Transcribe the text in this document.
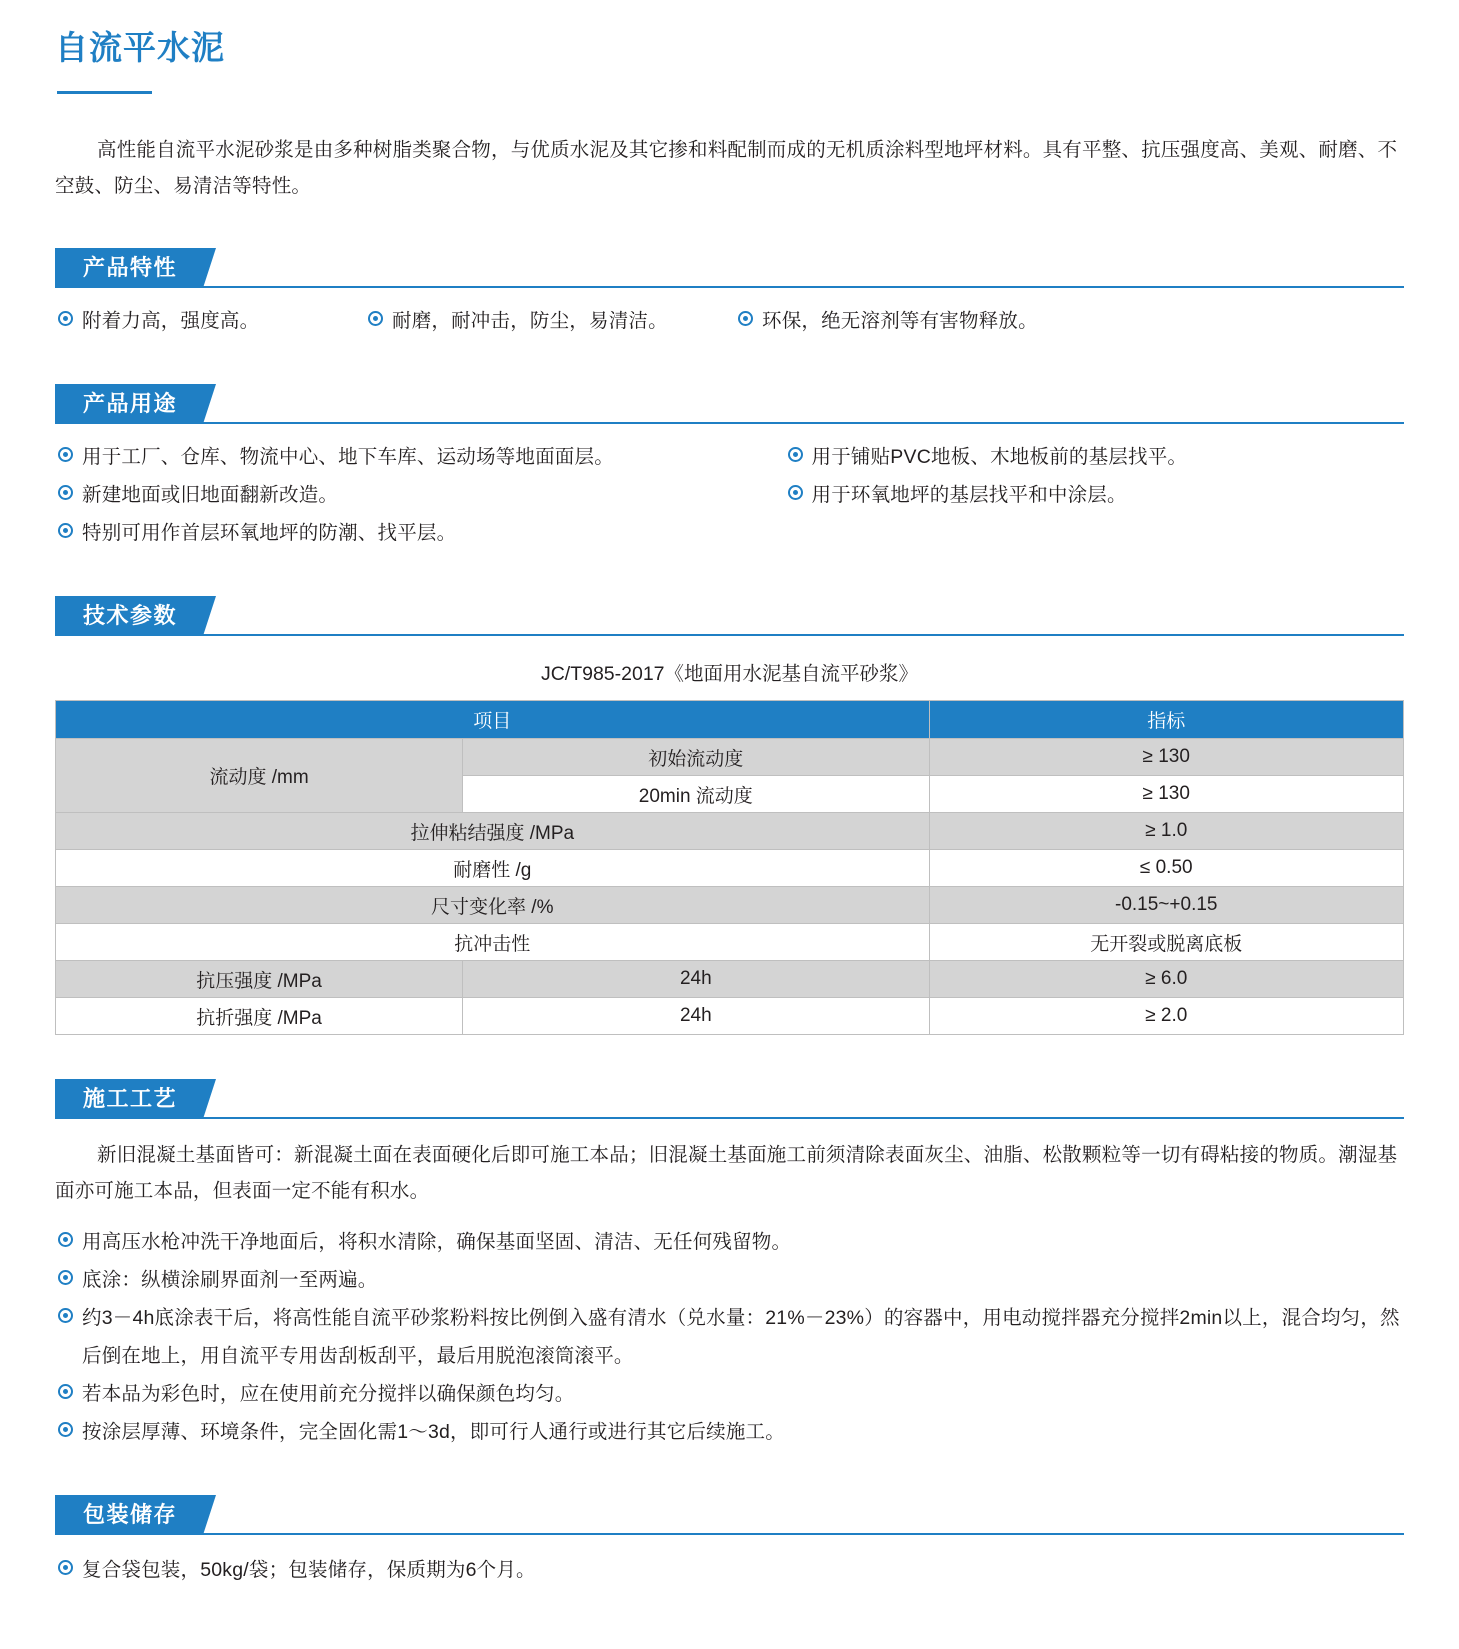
自流平水泥

高性能自流平水泥砂浆是由多种树脂类聚合物，与优质水泥及其它掺和料配制而成的无机质涂料型地坪材料。具有平整、抗压强度高、美观、耐磨、不空鼓、防尘、易清洁等特性。

产品特性
附着力高，强度高。	耐磨，耐冲击，防尘，易清洁。	环保，绝无溶剂等有害物释放。
产品用途
用于工厂、仓库、物流中心、地下车库、运动场等地面面层。
新建地面或旧地面翻新改造。
特别可用作首层环氧地坪的防潮、找平层。
用于铺贴PVC地板、木地板前的基层找平。
用于环氧地坪的基层找平和中涂层。
技术参数
JC/T985-2017《地面用水泥基自流平砂浆》
项目		指标
流动度 /mm	初始流动度	≥ 130
	20min 流动度	≥ 130
拉伸粘结强度 /MPa		≥ 1.0
耐磨性 /g		≤ 0.50
尺寸变化率 /%		-0.15~+0.15
抗冲击性		无开裂或脱离底板
抗压强度 /MPa	24h	≥ 6.0
抗折强度 /MPa	24h	≥ 2.0
施工工艺

新旧混凝土基面皆可：新混凝土面在表面硬化后即可施工本品；旧混凝土基面施工前须清除表面灰尘、油脂、松散颗粒等一切有碍粘接的物质。潮湿基面亦可施工本品，但表面一定不能有积水。

用高压水枪冲洗干净地面后，将积水清除，确保基面坚固、清洁、无任何残留物。
底涂：纵横涂刷界面剂一至两遍。
约3－4h底涂表干后，将高性能自流平砂浆粉料按比例倒入盛有清水（兑水量：21%－23%）的容器中，用电动搅拌器充分搅拌2min以上，混合均匀，然后倒在地上，用自流平专用齿刮板刮平，最后用脱泡滚筒滚平。
若本品为彩色时，应在使用前充分搅拌以确保颜色均匀。
按涂层厚薄、环境条件，完全固化需1～3d，即可行人通行或进行其它后续施工。
包装储存
复合袋包装，50kg/袋；包装储存，保质期为6个月。
